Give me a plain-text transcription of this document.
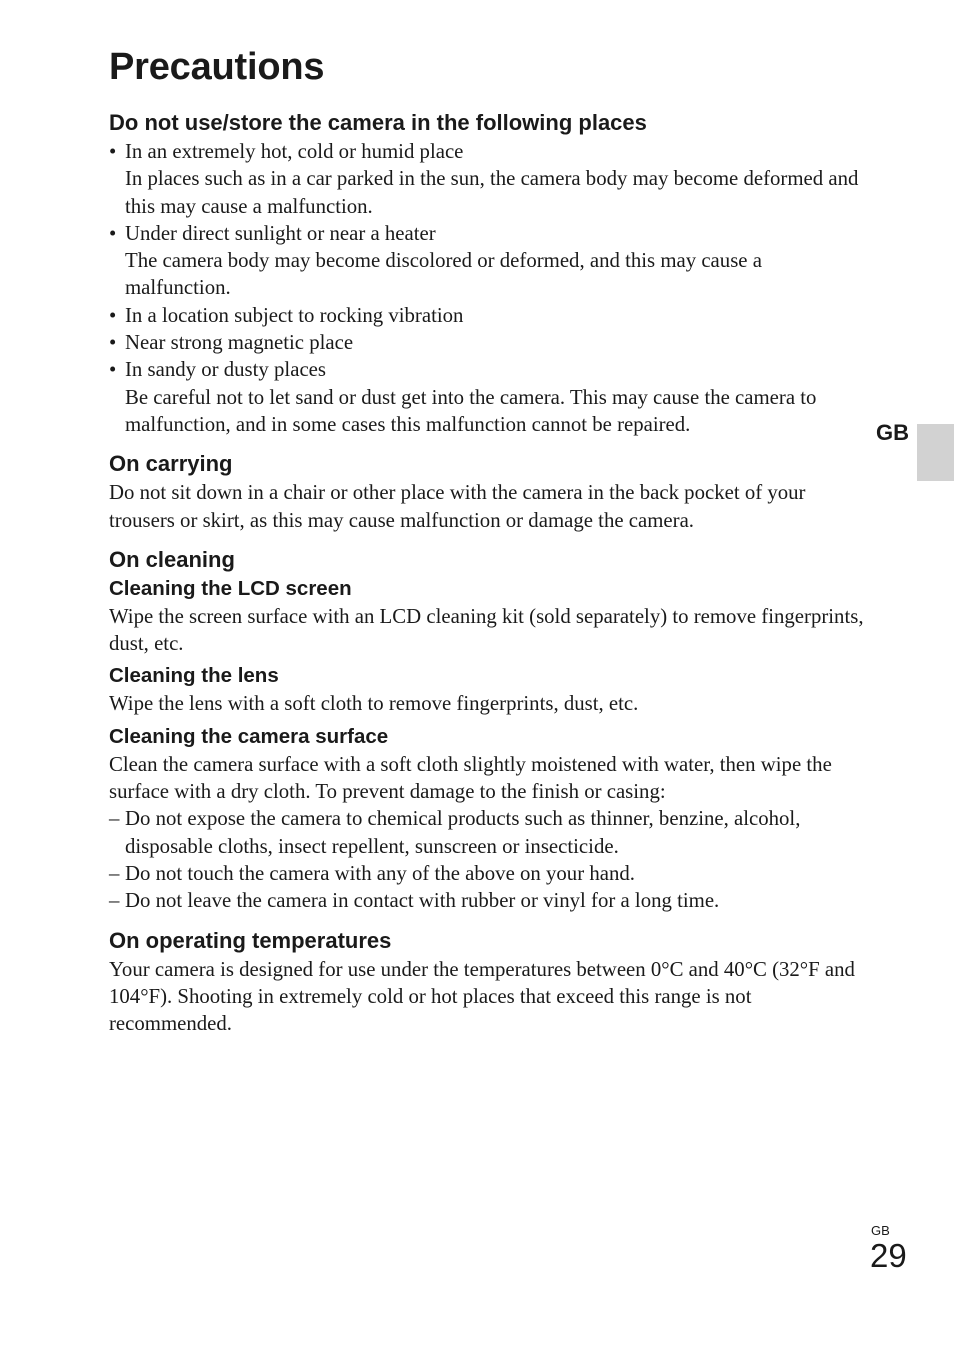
GB
Precautions
Do not use/store the camera in the following places
• In an extremely hot, cold or humid place
In places such as in a car parked in the sun, the camera body may become deformed and this may cause a malfunction.
• Under direct sunlight or near a heater
The camera body may become discolored or deformed, and this may cause a malfunction.
• In a location subject to rocking vibration
• Near strong magnetic place
• In sandy or dusty places
Be careful not to let sand or dust get into the camera. This may cause the camera to malfunction, and in some cases this malfunction cannot be repaired.
On carrying

Do not sit down in a chair or other place with the camera in the back pocket of your trousers or skirt, as this may cause malfunction or damage the camera.

On cleaning
Cleaning the LCD screen

Wipe the screen surface with an LCD cleaning kit (sold separately) to remove fingerprints, dust, etc.

Cleaning the lens

Wipe the lens with a soft cloth to remove fingerprints, dust, etc.

Cleaning the camera surface

Clean the camera surface with a soft cloth slightly moistened with water, then wipe the surface with a dry cloth. To prevent damage to the finish or casing:

– Do not expose the camera to chemical products such as thinner, benzine, alcohol, disposable cloths, insect repellent, sunscreen or insecticide.
– Do not touch the camera with any of the above on your hand.
– Do not leave the camera in contact with rubber or vinyl for a long time.
On operating temperatures

Your camera is designed for use under the temperatures between 0°C and 40°C (32°F and 104°F). Shooting in extremely cold or hot places that exceed this range is not recommended.

GB
29
